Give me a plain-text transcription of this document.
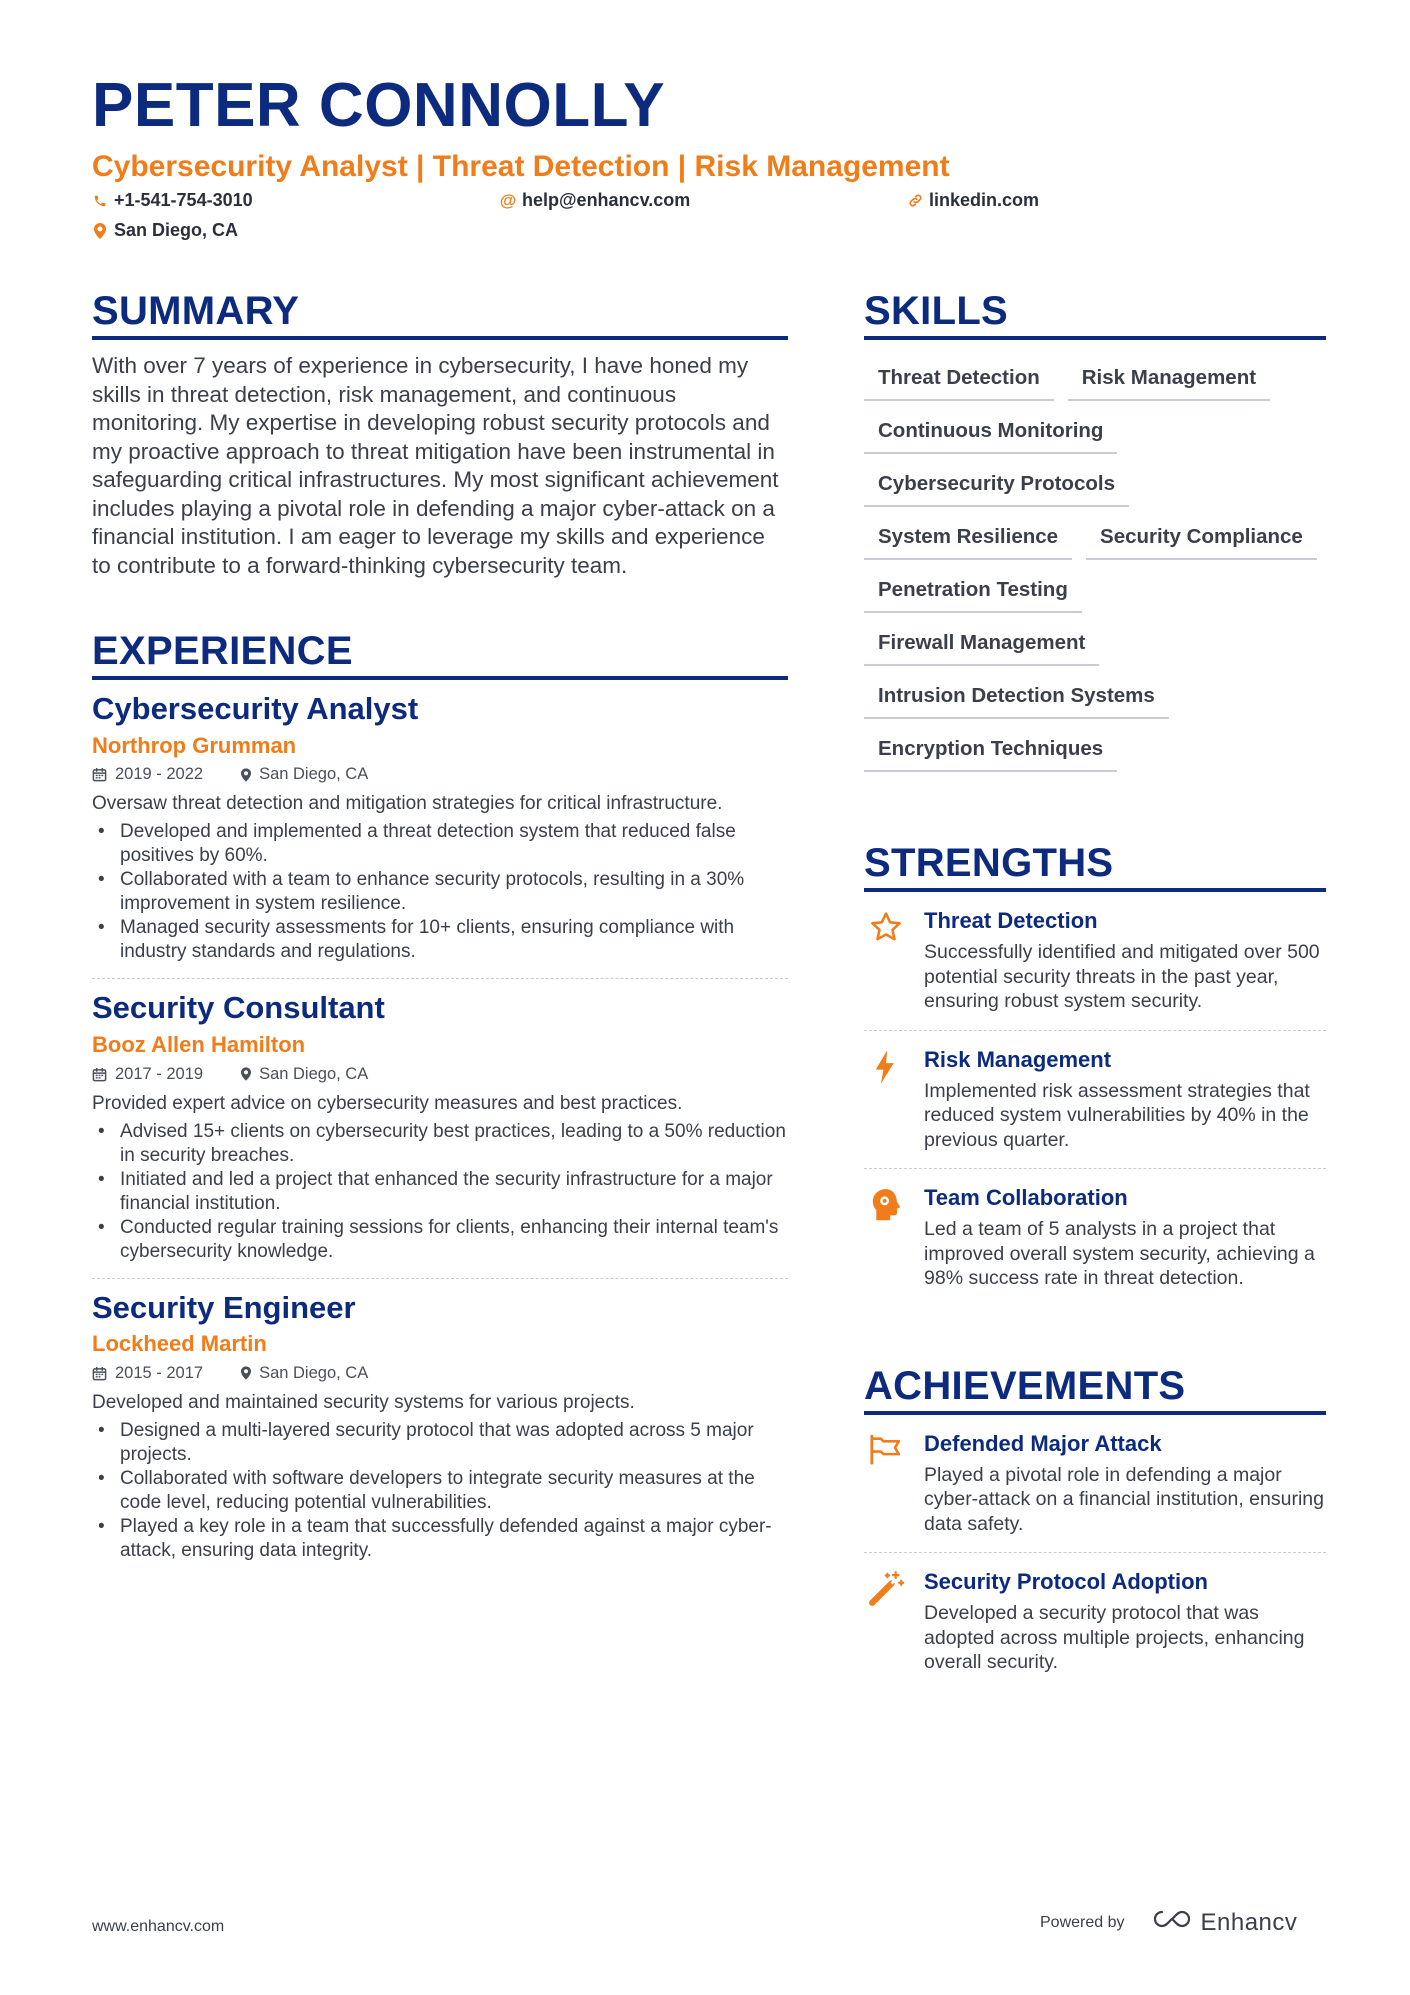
PETER CONNOLLY
Cybersecurity Analyst | Threat Detection | Risk Management
+1-541-754-3010	@ help@enhancv.com	linkedin.com
San Diego, CA
SUMMARY

With over 7 years of experience in cybersecurity, I have honed my skills in threat detection, risk management, and continuous monitoring. My expertise in developing robust security protocols and my proactive approach to threat mitigation have been instrumental in safeguarding critical infrastructures. My most significant achievement includes playing a pivotal role in defending a major cyber-attack on a financial institution. I am eager to leverage my skills and experience to contribute to a forward-thinking cybersecurity team.

EXPERIENCE
Cybersecurity Analyst
Northrop Grumman
2019 - 2022	San Diego, CA

Oversaw threat detection and mitigation strategies for critical infrastructure.

• Developed and implemented a threat detection system that reduced false positives by 60%.
• Collaborated with a team to enhance security protocols, resulting in a 30% improvement in system resilience.
• Managed security assessments for 10+ clients, ensuring compliance with industry standards and regulations.
Security Consultant
Booz Allen Hamilton
2017 - 2019	San Diego, CA

Provided expert advice on cybersecurity measures and best practices.

• Advised 15+ clients on cybersecurity best practices, leading to a 50% reduction in security breaches.
• Initiated and led a project that enhanced the security infrastructure for a major financial institution.
• Conducted regular training sessions for clients, enhancing their internal team's cybersecurity knowledge.
Security Engineer
Lockheed Martin
2015 - 2017	San Diego, CA

Developed and maintained security systems for various projects.

• Designed a multi-layered security protocol that was adopted across 5 major projects.
• Collaborated with software developers to integrate security measures at the code level, reducing potential vulnerabilities.
• Played a key role in a team that successfully defended against a major cyber-attack, ensuring data integrity.
SKILLS
Threat Detection	Risk Management
Continuous Monitoring
Cybersecurity Protocols
System Resilience	Security Compliance
Penetration Testing
Firewall Management
Intrusion Detection Systems
Encryption Techniques
STRENGTHS
Threat Detection

Successfully identified and mitigated over 500 potential security threats in the past year, ensuring robust system security.

Risk Management

Implemented risk assessment strategies that reduced system vulnerabilities by 40% in the previous quarter.

Team Collaboration

Led a team of 5 analysts in a project that improved overall system security, achieving a 98% success rate in threat detection.

ACHIEVEMENTS
Defended Major Attack

Played a pivotal role in defending a major cyber-attack on a financial institution, ensuring data safety.

Security Protocol Adoption

Developed a security protocol that was adopted across multiple projects, enhancing overall security.

www.enhancv.com	Powered by	Enhancv
